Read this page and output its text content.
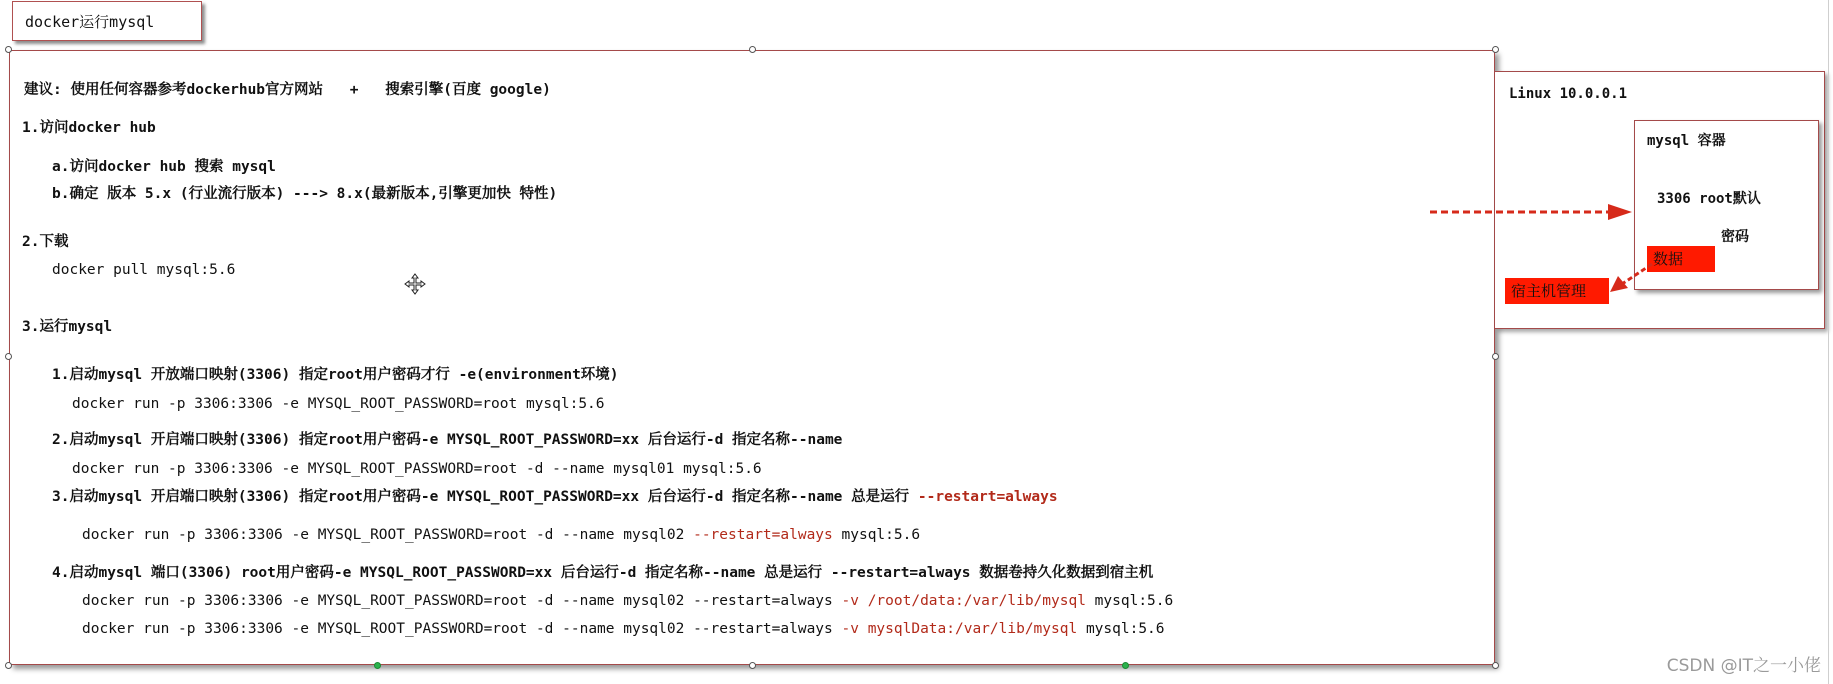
docker运行mysql
建议: 使用任何容器参考dockerhub官方网站 + 搜索引擎(百度 google)
1.访问docker hub
a.访问docker hub 搜索 mysql
b.确定 版本 5.x (行业流行版本) ---> 8.x(最新版本,引擎更加快 特性)
2.下载
docker pull mysql:5.6
3.运行mysql
1.启动mysql 开放端口映射(3306) 指定root用户密码才行 -e(environment环境)
docker run -p 3306:3306 -e MYSQL_ROOT_PASSWORD=root mysql:5.6
2.启动mysql 开启端口映射(3306) 指定root用户密码-e MYSQL_ROOT_PASSWORD=xx 后台运行-d 指定名称--name
docker run -p 3306:3306 -e MYSQL_ROOT_PASSWORD=root -d --name mysql01 mysql:5.6
3.启动mysql 开启端口映射(3306) 指定root用户密码-e MYSQL_ROOT_PASSWORD=xx 后台运行-d 指定名称--name 总是运行 --restart=always
docker run -p 3306:3306 -e MYSQL_ROOT_PASSWORD=root -d --name mysql02 --restart=always mysql:5.6
4.启动mysql 端口(3306) root用户密码-e MYSQL_ROOT_PASSWORD=xx 后台运行-d 指定名称--name 总是运行 --restart=always 数据卷持久化数据到宿主机
docker run -p 3306:3306 -e MYSQL_ROOT_PASSWORD=root -d --name mysql02 --restart=always -v /root/data:/var/lib/mysql mysql:5.6
docker run -p 3306:3306 -e MYSQL_ROOT_PASSWORD=root -d --name mysql02 --restart=always -v mysqlData:/var/lib/mysql mysql:5.6
Linux 10.0.0.1
mysql 容器
3306 root默认
密码
数据
宿主机管理
CSDN @IT之一小佬
